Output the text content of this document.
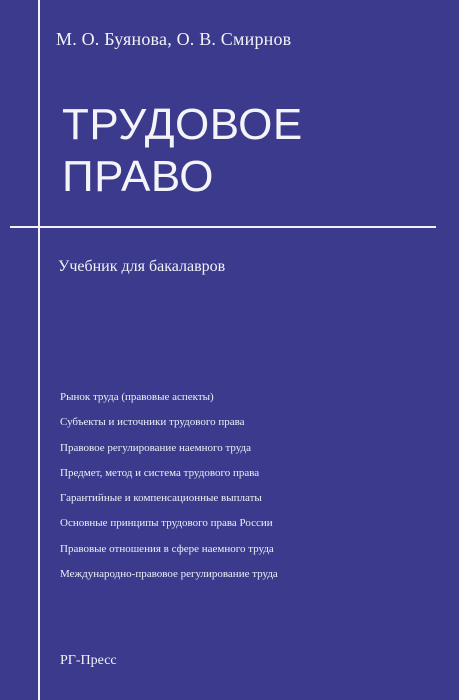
М. О. Буянова, О. В. Смирнов
ТРУДОВОЕ
ПРАВО
Учебник для бакалавров
Рынок труда (правовые аспекты)
Субъекты и источники трудового права
Правовое регулирование наемного труда
Предмет, метод и система трудового права
Гарантийные и компенсационные выплаты
Основные принципы трудового права России
Правовые отношения в сфере наемного труда
Международно-правовое регулирование труда
РГ-Пресс
